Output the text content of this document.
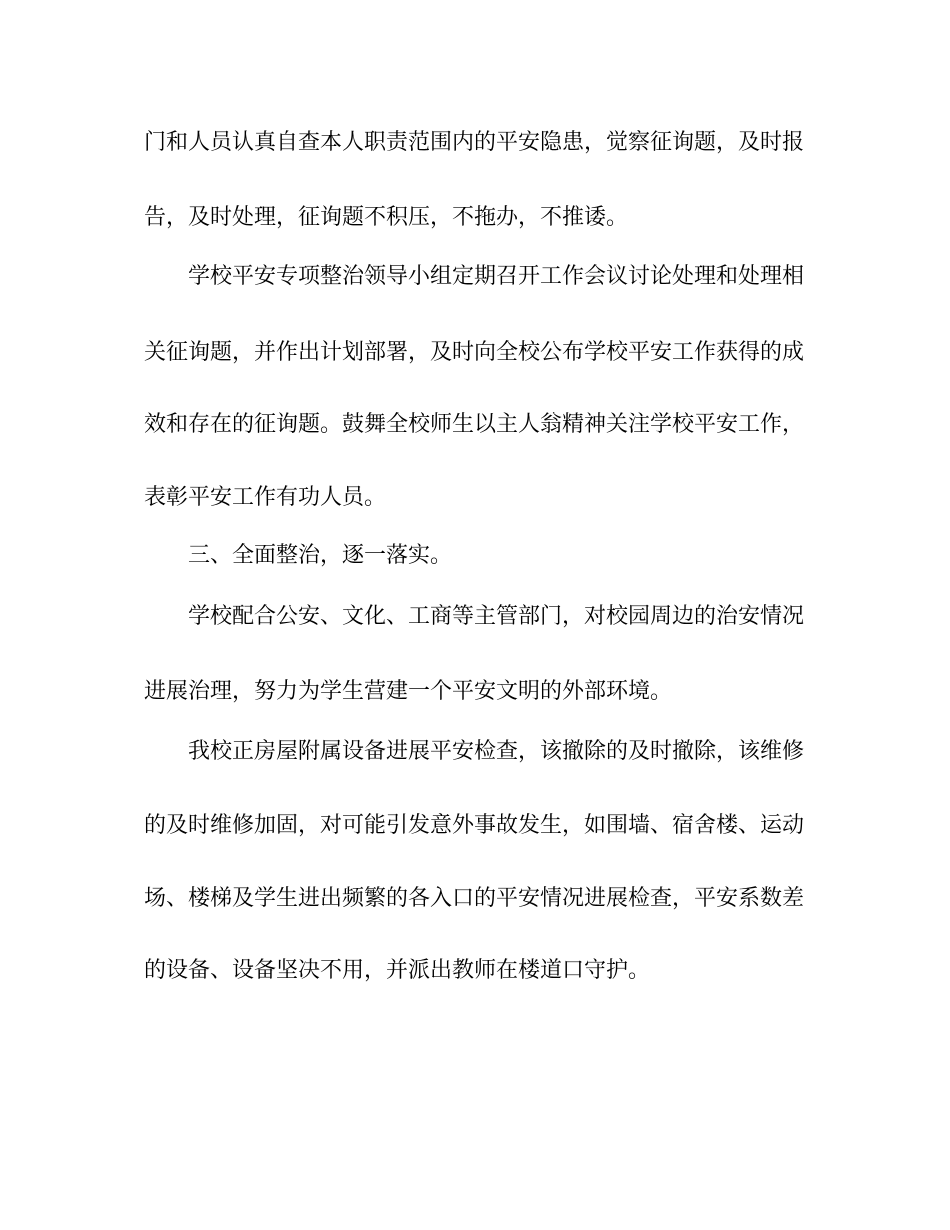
门和人员认真自查本人职责范围内的平安隐患，觉察征询题，及时报
告，及时处理，征询题不积压，不拖办，不推诿。
学校平安专项整治领导小组定期召开工作会议讨论处理和处理相
关征询题，并作出计划部署，及时向全校公布学校平安工作获得的成
效和存在的征询题。鼓舞全校师生以主人翁精神关注学校平安工作，
表彰平安工作有功人员。
三、全面整治，逐一落实。
学校配合公安、文化、工商等主管部门，对校园周边的治安情况
进展治理，努力为学生营建一个平安文明的外部环境。
我校正房屋附属设备进展平安检查，该撤除的及时撤除，该维修
的及时维修加固，对可能引发意外事故发生，如围墙、宿舍楼、运动
场、楼梯及学生进出频繁的各入口的平安情况进展检查，平安系数差
的设备、设备坚决不用，并派出教师在楼道口守护。
